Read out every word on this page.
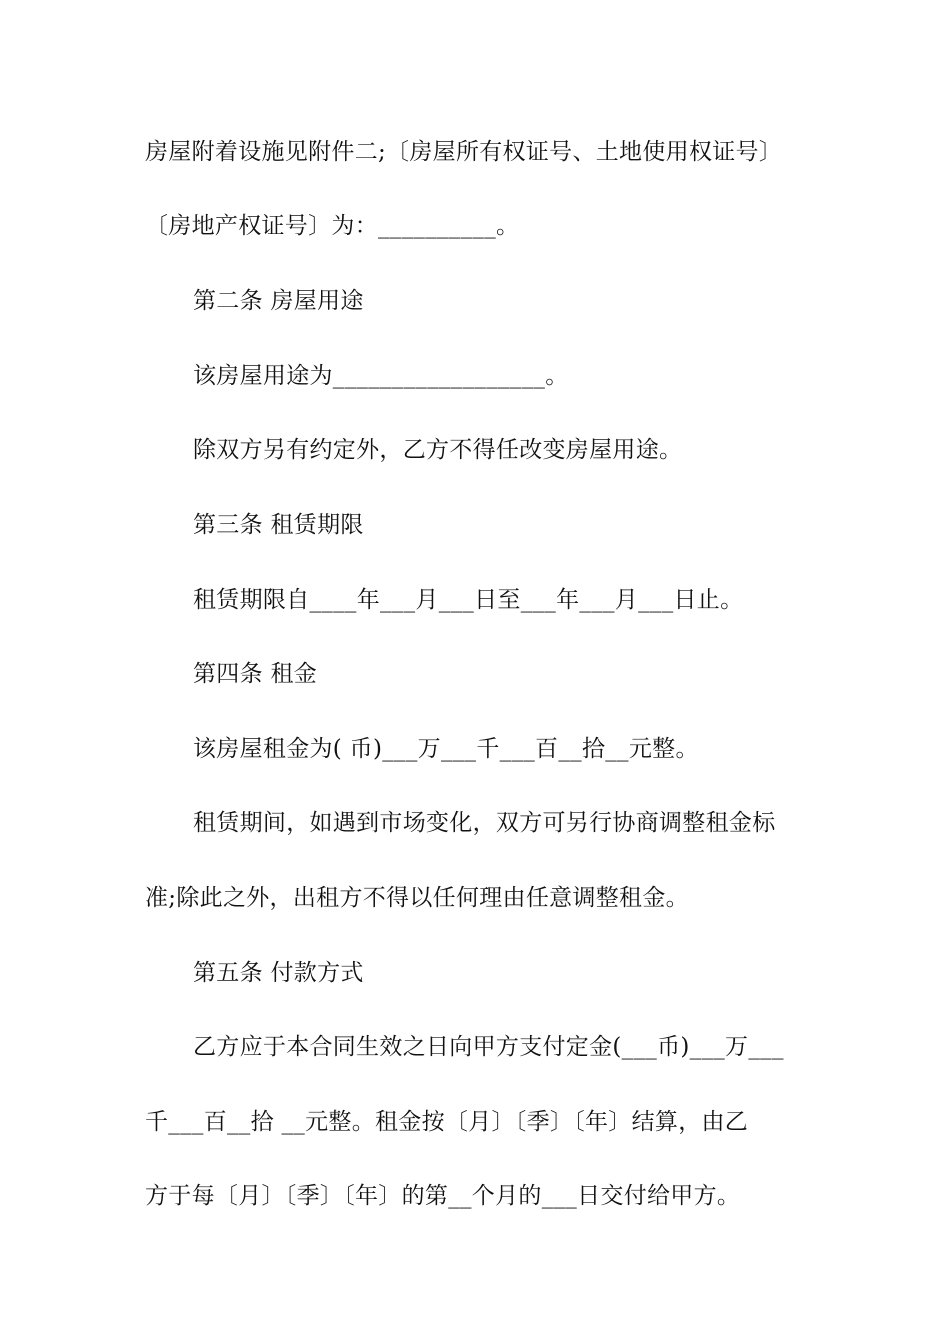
房屋附着设施见附件二;〔房屋所有权证号、土地使用权证号〕
〔房地产权证号〕为：__________。
第二条 房屋用途
该房屋用途为__________________。
除双方另有约定外，乙方不得任改变房屋用途。
第三条 租赁期限
租赁期限自____年___月___日至___年___月___日止。
第四条 租金
该房屋租金为( 币)___万___千___百__拾__元整。
租赁期间，如遇到市场变化，双方可另行协商调整租金标
准;除此之外，出租方不得以任何理由任意调整租金。
第五条 付款方式
乙方应于本合同生效之日向甲方支付定金(___币)___万___
千___百__拾 __元整。租金按〔月〕〔季〕〔年〕结算，由乙
方于每〔月〕〔季〕〔年〕的第__个月的___日交付给甲方。
